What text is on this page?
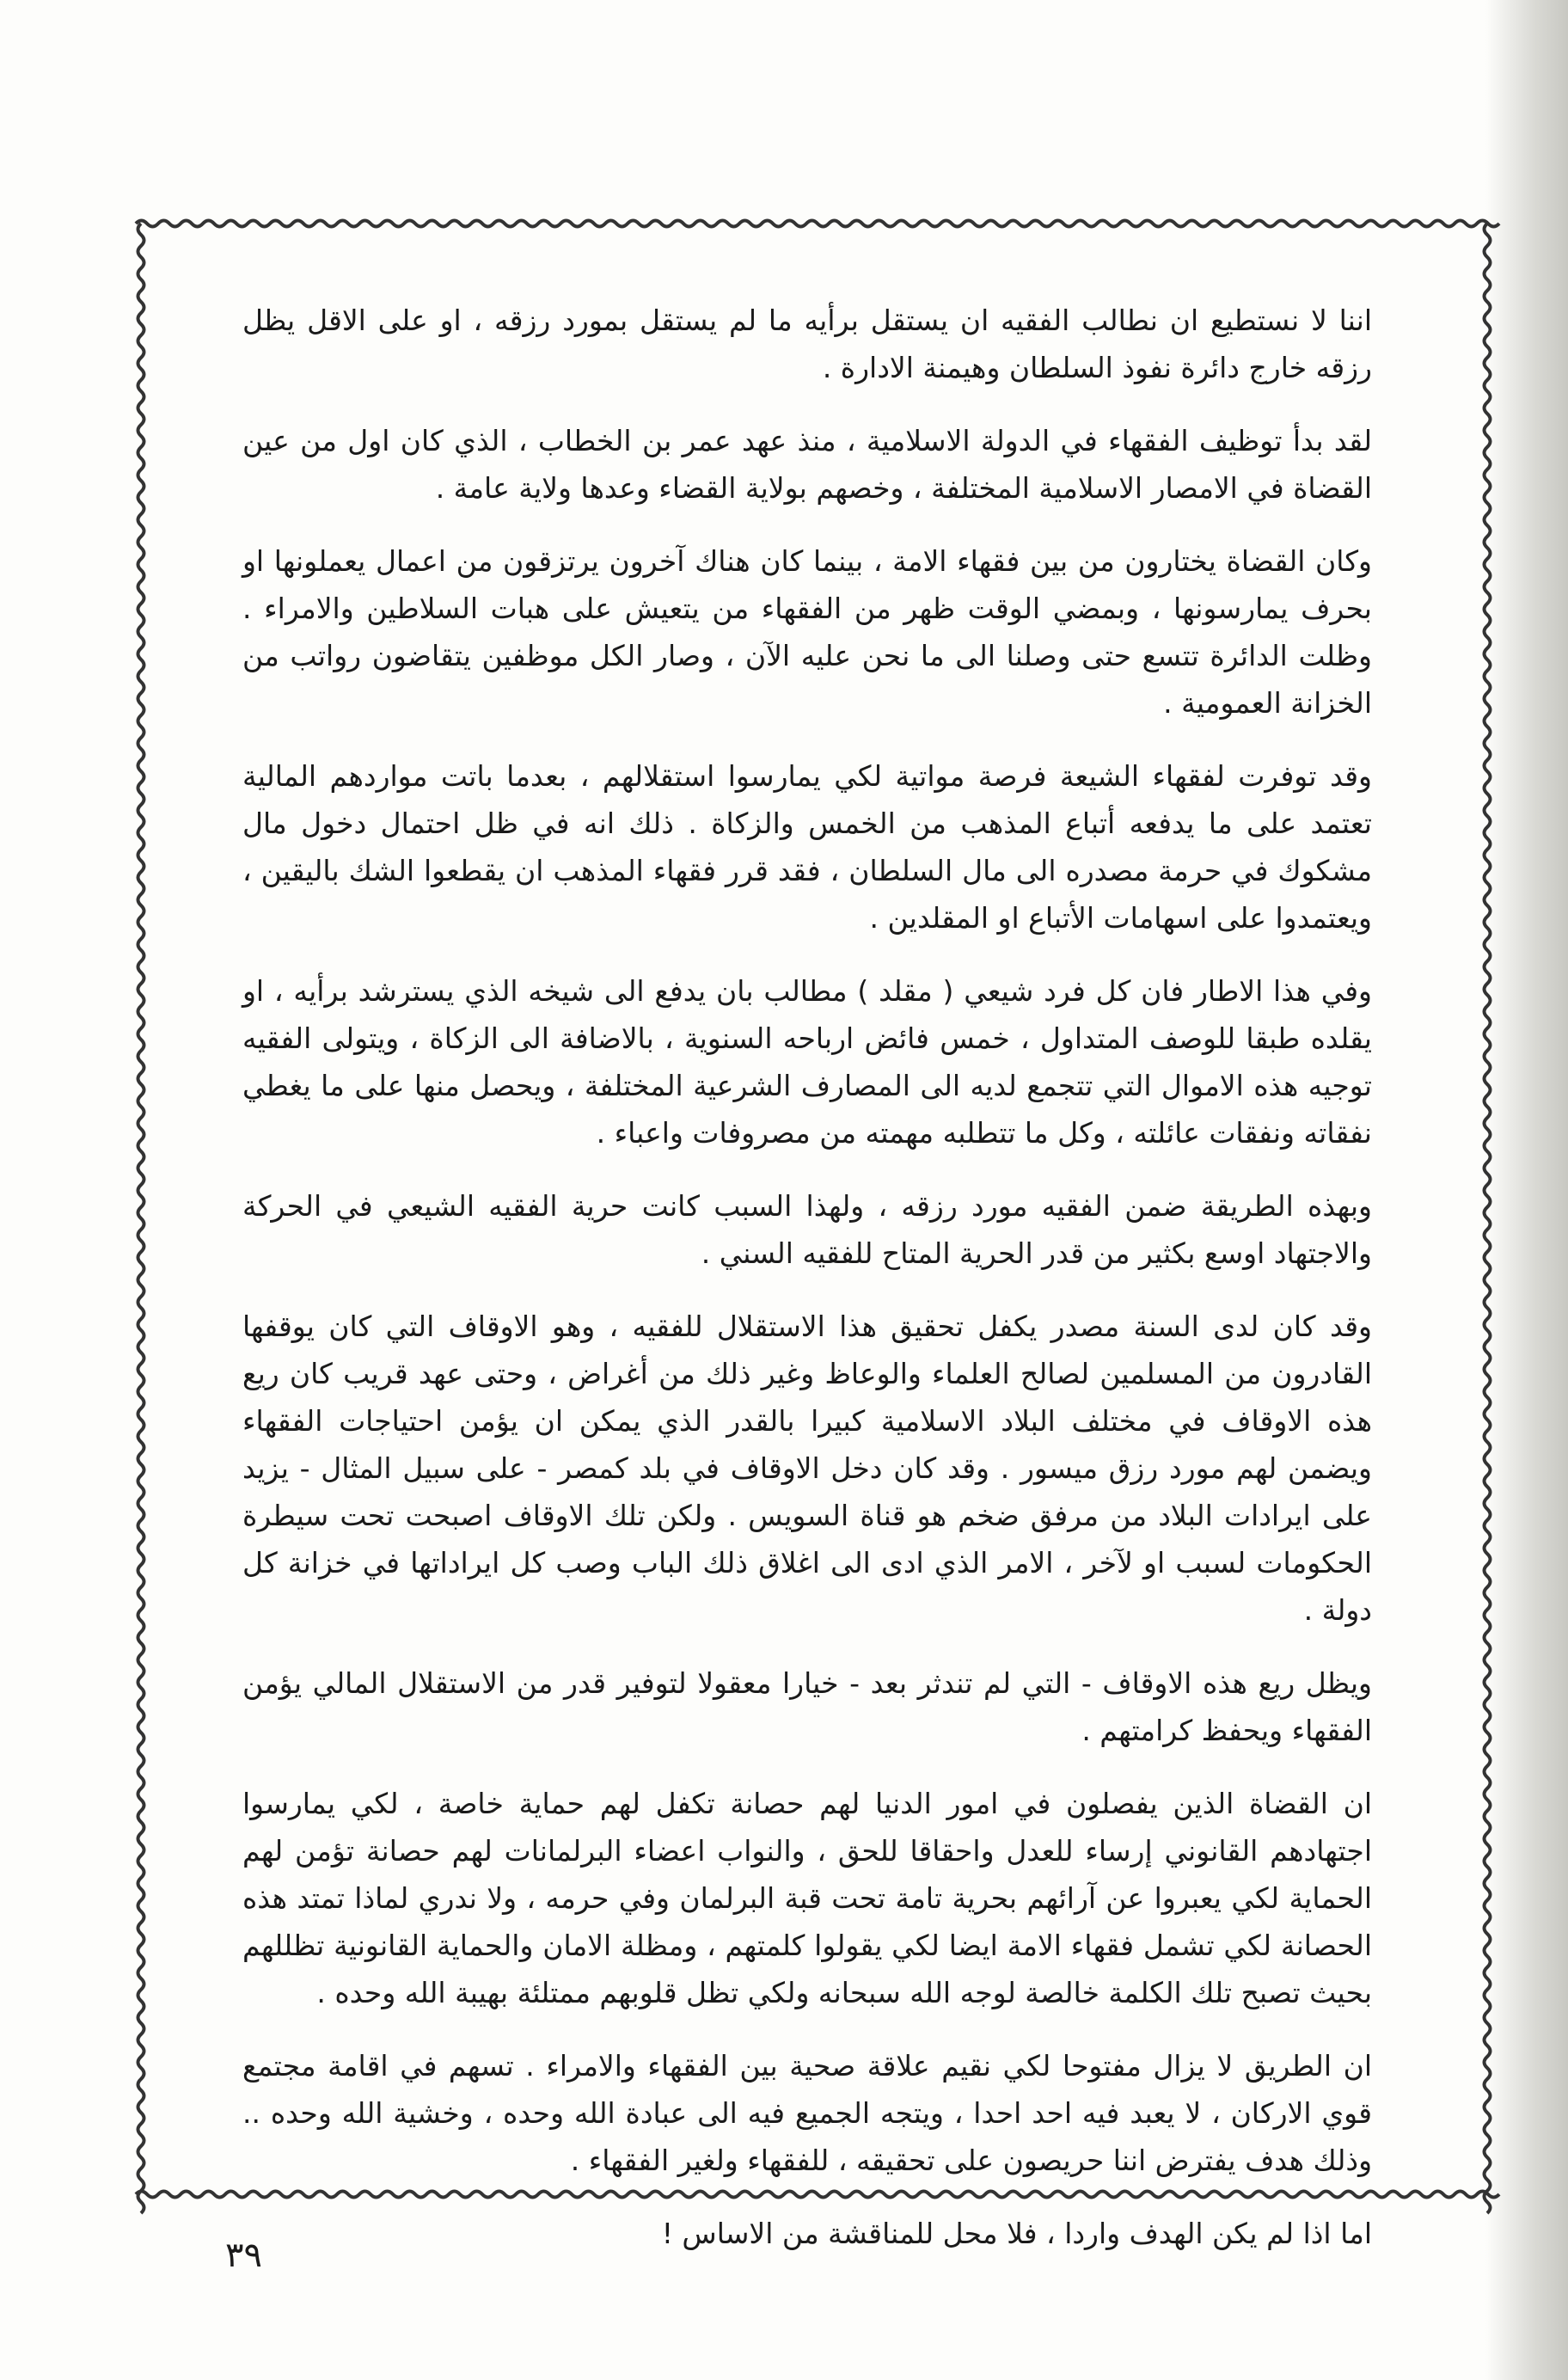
اننا لا نستطيع ان نطالب الفقيه ان يستقل برأيه ما لم يستقل بمورد رزقه ، او على الاقل يظل رزقه خارج دائرة نفوذ السلطان وهيمنة الادارة .

لقد بدأ توظيف الفقهاء في الدولة الاسلامية ، منذ عهد عمر بن الخطاب ، الذي كان اول من عين القضاة في الامصار الاسلامية المختلفة ، وخصهم بولاية القضاء وعدها ولاية عامة .

وكان القضاة يختارون من بين فقهاء الامة ، بينما كان هناك آخرون يرتزقون من اعمال يعملونها او بحرف يمارسونها ، وبمضي الوقت ظهر من الفقهاء من يتعيش على هبات السلاطين والامراء . وظلت الدائرة تتسع حتى وصلنا الى ما نحن عليه الآن ، وصار الكل موظفين يتقاضون رواتب من الخزانة العمومية .

وقد توفرت لفقهاء الشيعة فرصة مواتية لكي يمارسوا استقلالهم ، بعدما باتت مواردهم المالية تعتمد على ما يدفعه أتباع المذهب من الخمس والزكاة . ذلك انه في ظل احتمال دخول مال مشكوك في حرمة مصدره الى مال السلطان ، فقد قرر فقهاء المذهب ان يقطعوا الشك باليقين ، ويعتمدوا على اسهامات الأتباع او المقلدين .

وفي هذا الاطار فان كل فرد شيعي ( مقلد ) مطالب بان يدفع الى شيخه الذي يسترشد برأيه ، او يقلده طبقا للوصف المتداول ، خمس فائض ارباحه السنوية ، بالاضافة الى الزكاة ، ويتولى الفقيه توجيه هذه الاموال التي تتجمع لديه الى المصارف الشرعية المختلفة ، ويحصل منها على ما يغطي نفقاته ونفقات عائلته ، وكل ما تتطلبه مهمته من مصروفات واعباء .

وبهذه الطريقة ضمن الفقيه مورد رزقه ، ولهذا السبب كانت حرية الفقيه الشيعي في الحركة والاجتهاد اوسع بكثير من قدر الحرية المتاح للفقيه السني .

وقد كان لدى السنة مصدر يكفل تحقيق هذا الاستقلال للفقيه ، وهو الاوقاف التي كان يوقفها القادرون من المسلمين لصالح العلماء والوعاظ وغير ذلك من أغراض ، وحتى عهد قريب كان ريع هذه الاوقاف في مختلف البلاد الاسلامية كبيرا بالقدر الذي يمكن ان يؤمن احتياجات الفقهاء ويضمن لهم مورد رزق ميسور . وقد كان دخل الاوقاف في بلد كمصر - على سبيل المثال - يزيد على ايرادات البلاد من مرفق ضخم هو قناة السويس . ولكن تلك الاوقاف اصبحت تحت سيطرة الحكومات لسبب او لآخر ، الامر الذي ادى الى اغلاق ذلك الباب وصب كل ايراداتها في خزانة كل دولة .

ويظل ريع هذه الاوقاف - التي لم تندثر بعد - خيارا معقولا لتوفير قدر من الاستقلال المالي يؤمن الفقهاء ويحفظ كرامتهم .

ان القضاة الذين يفصلون في امور الدنيا لهم حصانة تكفل لهم حماية خاصة ، لكي يمارسوا اجتهادهم القانوني إرساء للعدل واحقاقا للحق ، والنواب اعضاء البرلمانات لهم حصانة تؤمن لهم الحماية لكي يعبروا عن آرائهم بحرية تامة تحت قبة البرلمان وفي حرمه ، ولا ندري لماذا تمتد هذه الحصانة لكي تشمل فقهاء الامة ايضا لكي يقولوا كلمتهم ، ومظلة الامان والحماية القانونية تظللهم بحيث تصبح تلك الكلمة خالصة لوجه الله سبحانه ولكي تظل قلوبهم ممتلئة بهيبة الله وحده .

ان الطريق لا يزال مفتوحا لكي نقيم علاقة صحية بين الفقهاء والامراء . تسهم في اقامة مجتمع قوي الاركان ، لا يعبد فيه احد احدا ، ويتجه الجميع فيه الى عبادة الله وحده ، وخشية الله وحده .. وذلك هدف يفترض اننا حريصون على تحقيقه ، للفقهاء ولغير الفقهاء .

اما اذا لم يكن الهدف واردا ، فلا محل للمناقشة من الاساس !

٣٩
